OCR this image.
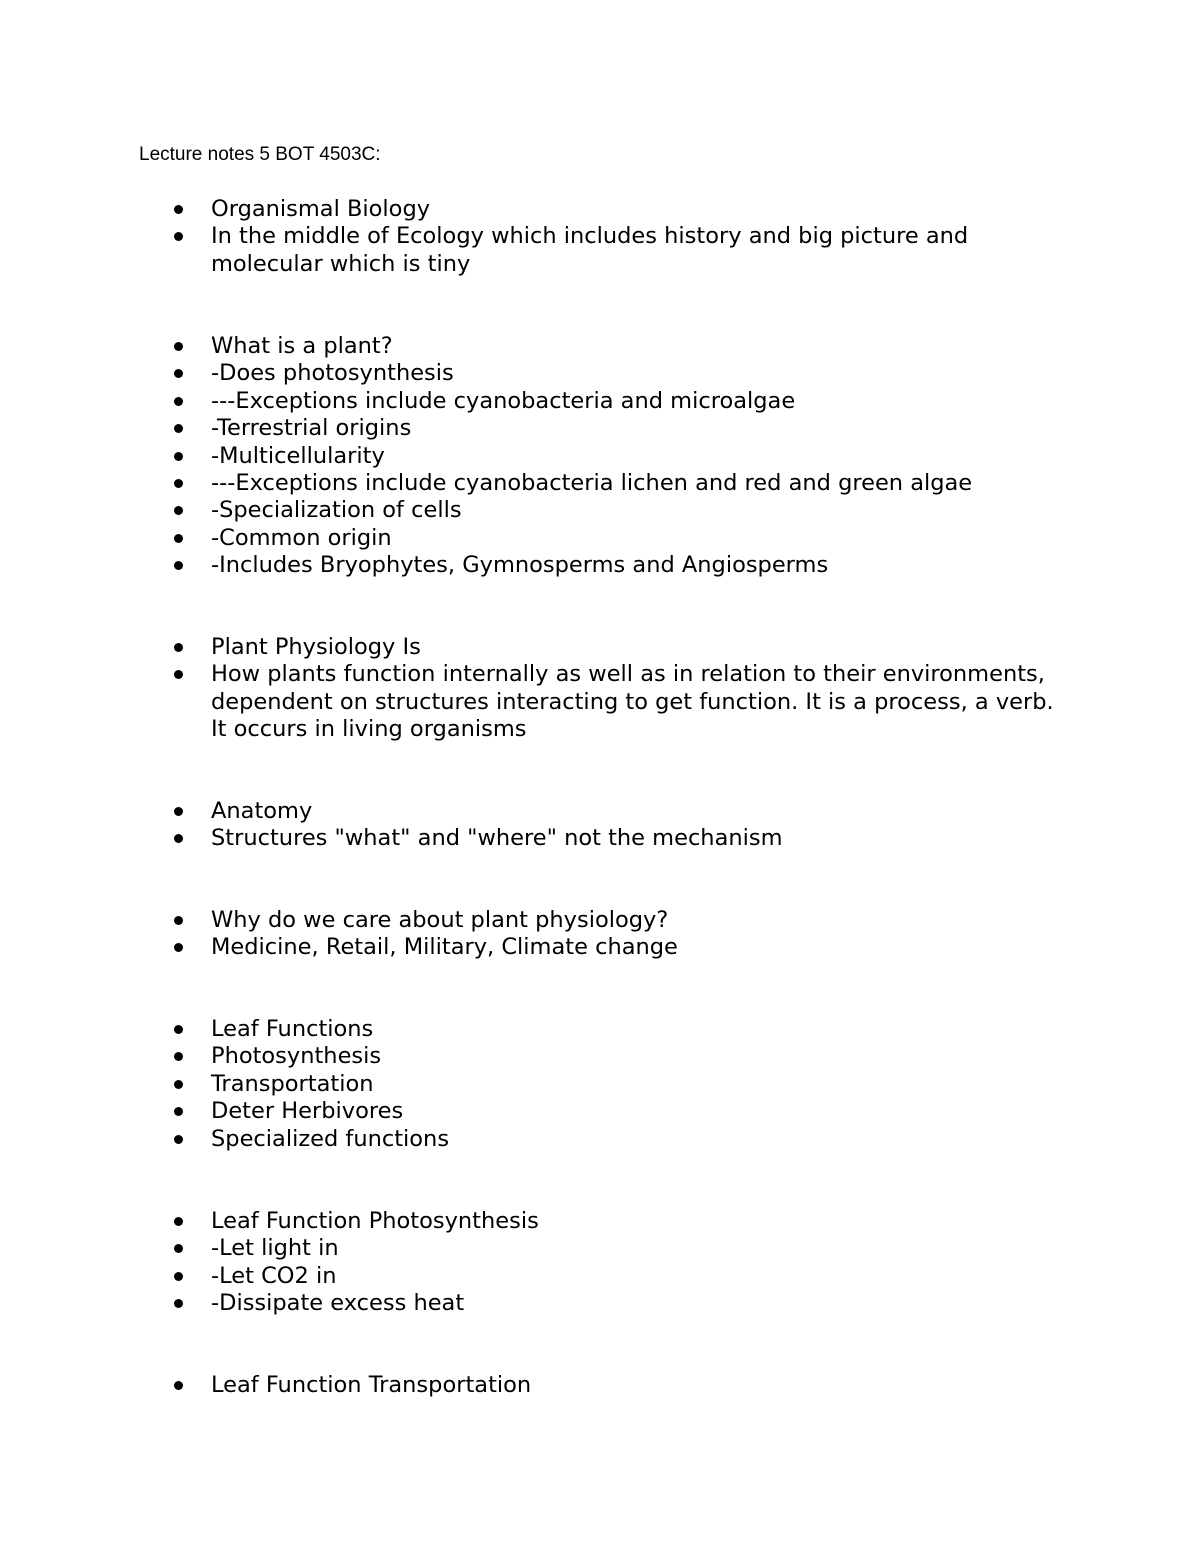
Lecture notes 5 BOT 4503C:
Organismal Biology
In the middle of Ecology which includes history and big picture and molecular which is tiny
What is a plant?
-Does photosynthesis
---Exceptions include cyanobacteria and microalgae
-Terrestrial origins
-Multicellularity
---Exceptions include cyanobacteria lichen and red and green algae
-Specialization of cells
-Common origin
-Includes Bryophytes, Gymnosperms and Angiosperms
Plant Physiology Is
How plants function internally as well as in relation to their environments, dependent on structures interacting to get function. It is a process, a verb. It occurs in living organisms
Anatomy
Structures "what" and "where" not the mechanism
Why do we care about plant physiology?
Medicine, Retail, Military, Climate change
Leaf Functions
Photosynthesis
Transportation
Deter Herbivores
Specialized functions
Leaf Function Photosynthesis
-Let light in
-Let CO2 in
-Dissipate excess heat
Leaf Function Transportation
